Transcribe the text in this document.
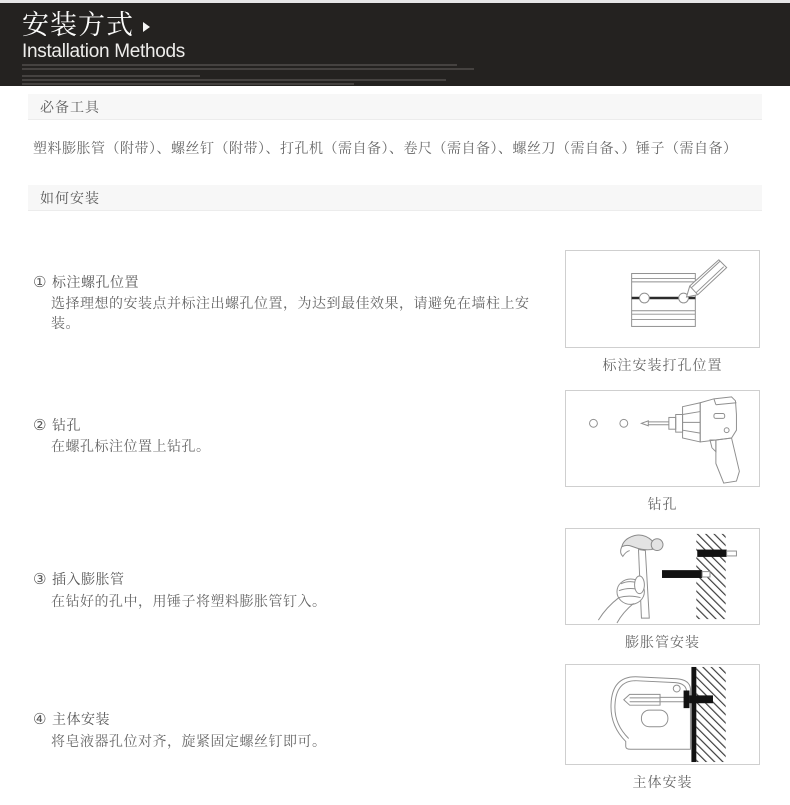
安装方式
Installation Methods
必备工具

塑料膨胀管（附带）、螺丝钉（附带）、打孔机（需自备）、卷尺（需自备）、螺丝刀（需自备、）锤子（需自备）

如何安装
① 标注螺孔位置
选择理想的安装点并标注出螺孔位置，为达到最佳效果，请避免在墙柱上安装。
标注安装打孔位置
② 钻孔
在螺孔标注位置上钻孔。
钻孔
③ 插入膨胀管
在钻好的孔中，用锤子将塑料膨胀管钉入。
膨胀管安装
④ 主体安装
将皂液器孔位对齐，旋紧固定螺丝钉即可。
主体安装
